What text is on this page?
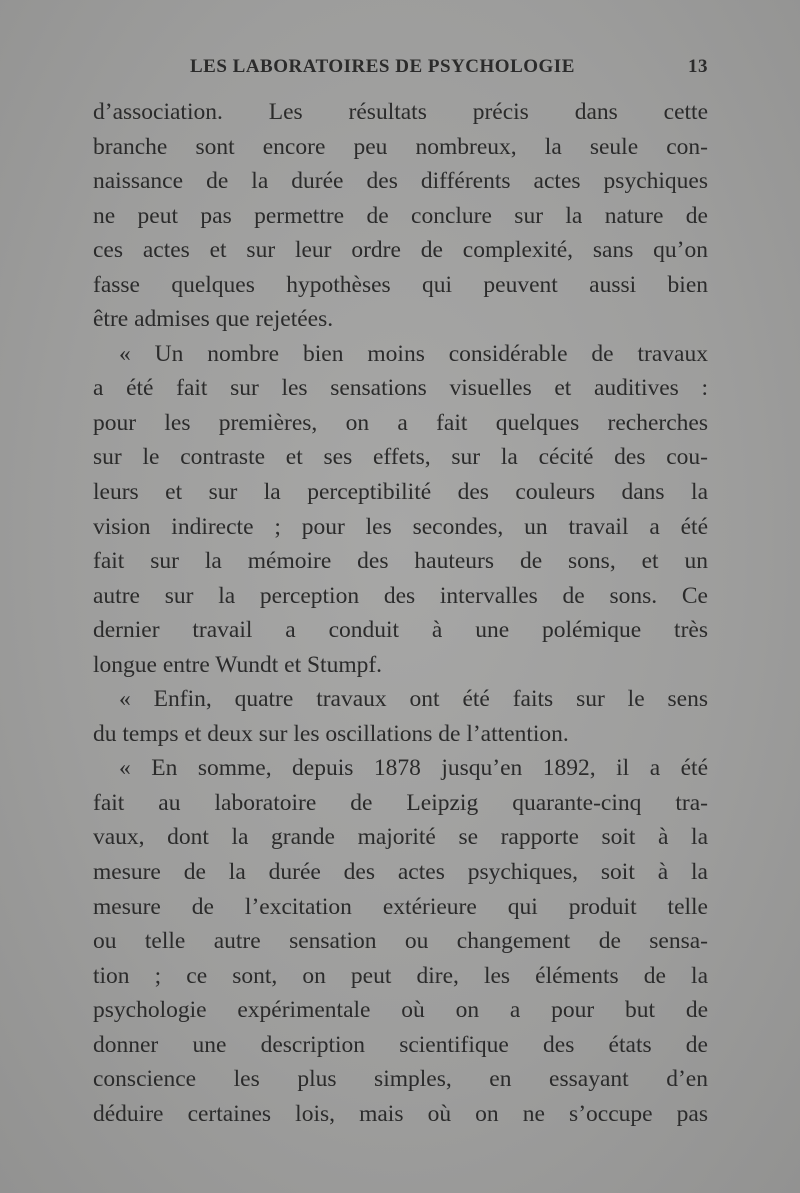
LES LABORATOIRES DE PSYCHOLOGIE	13
d’association. Les résultats précis dans cette
branche sont encore peu nombreux, la seule con-
naissance de la durée des différents actes psychiques
ne peut pas permettre de conclure sur la nature de
ces actes et sur leur ordre de complexité, sans qu’on
fasse quelques hypothèses qui peuvent aussi bien
être admises que rejetées.
« Un nombre bien moins considérable de travaux
a été fait sur les sensations visuelles et auditives :
pour les premières, on a fait quelques recherches
sur le contraste et ses effets, sur la cécité des cou-
leurs et sur la perceptibilité des couleurs dans la
vision indirecte ; pour les secondes, un travail a été
fait sur la mémoire des hauteurs de sons, et un
autre sur la perception des intervalles de sons. Ce
dernier travail a conduit à une polémique très
longue entre Wundt et Stumpf.
« Enfin, quatre travaux ont été faits sur le sens
du temps et deux sur les oscillations de l’attention.
« En somme, depuis 1878 jusqu’en 1892, il a été
fait au laboratoire de Leipzig quarante-cinq tra-
vaux, dont la grande majorité se rapporte soit à la
mesure de la durée des actes psychiques, soit à la
mesure de l’excitation extérieure qui produit telle
ou telle autre sensation ou changement de sensa-
tion ; ce sont, on peut dire, les éléments de la
psychologie expérimentale où on a pour but de
donner une description scientifique des états de
conscience les plus simples, en essayant d’en
déduire certaines lois, mais où on ne s’occupe pas
